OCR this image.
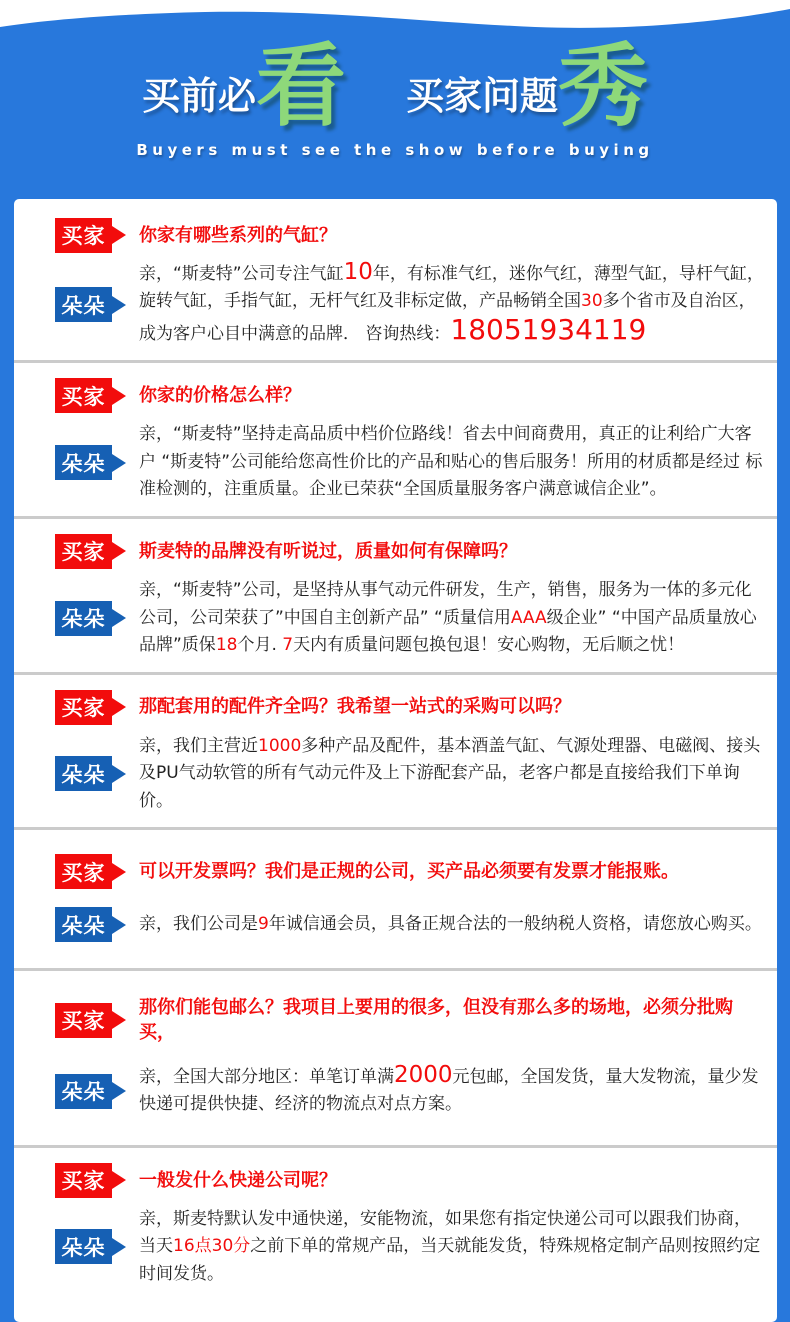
买前必 看 买家问题 秀
Buyers must see the show before buying
买家 你家有哪些系列的气缸？
朵朵
亲，“斯麦特”公司专注气缸10年，有标准气红，迷你气红，薄型气缸，导杆气缸，旋转气缸，手指气缸，无杆气红及非标定做，产品畅销全国30多个省市及自治区，成为客户心目中满意的品牌． 咨询热线：18051934119
买家 你家的价格怎么样？
朵朵
亲，“斯麦特”坚持走高品质中档价位路线！省去中间商费用，真正的让利给广大客户 “斯麦特”公司能给您高性价比的产品和贴心的售后服务！所用的材质都是经过 标准检测的，注重质量。企业已荣获“全国质量服务客户满意诚信企业”。
买家 斯麦特的品牌没有听说过，质量如何有保障吗？
朵朵
亲，“斯麦特”公司，是坚持从事气动元件研发，生产，销售，服务为一体的多元化公司，公司荣获了”中国自主创新产品” “质量信用AAA级企业” “中国产品质量放心品牌”质保18个月. 7天内有质量问题包换包退！安心购物，无后顺之忧！
买家 那配套用的配件齐全吗？我希望一站式的采购可以吗？
朵朵
亲，我们主营近1000多种产品及配件，基本酒盖气缸、气源处理器、电磁阀、接头 及PU气动软管的所有气动元件及上下游配套产品，老客户都是直接给我们下单询价。
买家 可以开发票吗？我们是正规的公司，买产品必须要有发票才能报账。
朵朵 亲，我们公司是9年诚信通会员，具备正规合法的一般纳税人资格，请您放心购买。
买家
那你们能包邮么？我项目上要用的很多，但没有那么多的场地，必须分批购买，
朵朵
亲，全国大部分地区：单笔订单满2000元包邮，全国发货，量大发物流，量少发快递可提供快捷、经济的物流点对点方案。
买家 一般发什么快递公司呢？
朵朵
亲，斯麦特默认发中通快递，安能物流，如果您有指定快递公司可以跟我们协商，当天16点30分之前下单的常规产品，当天就能发货，特殊规格定制产品则按照约定时间发货。
